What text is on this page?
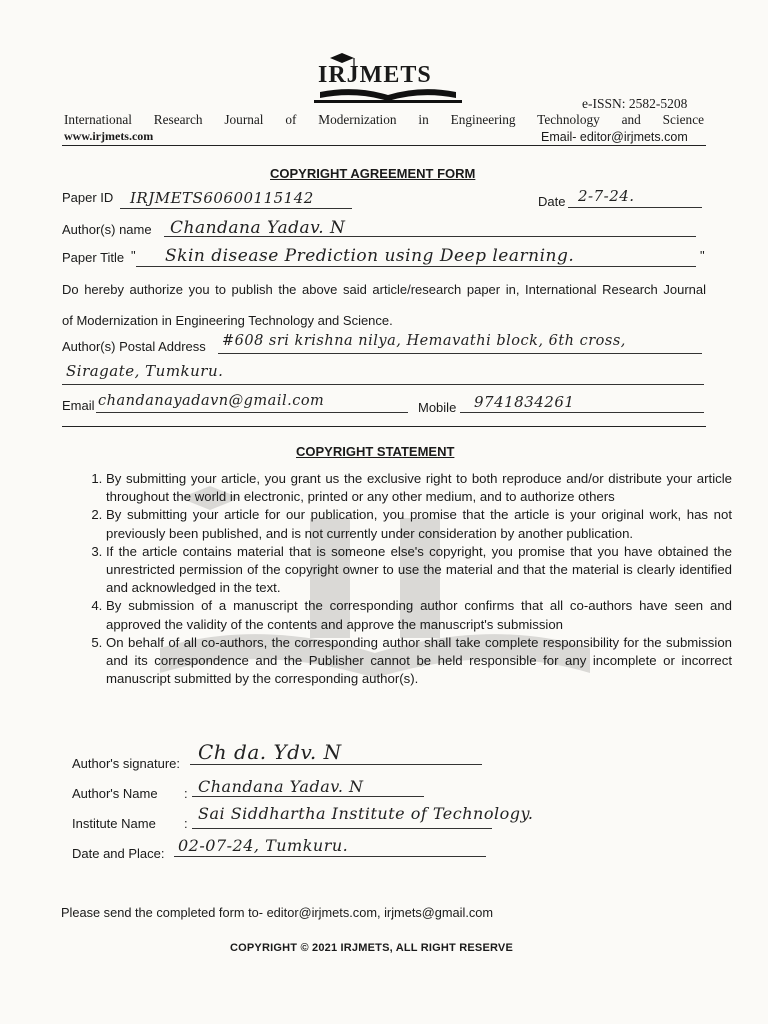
IRJMETS
e-ISSN: 2582-5208
International Research Journal of Modernization in Engineering Technology and Science
www.irjmets.com	Email- editor@irjmets.com
COPYRIGHT AGREEMENT FORM
Paper ID IRJMETS60600115142	Date 2-7-24.
Author(s) name Chandana Yadav. N
Paper Title " Skin disease Prediction using Deep learning.	"
Do hereby authorize you to publish the above said article/research paper in, International Research Journal
of Modernization in Engineering Technology and Science.
Author(s) Postal Address #608 sri krishna nilya, Hemavathi block, 6th cross,
Siragate, Tumkuru.
Email chandanayadavn@gmail.com	Mobile 9741834261
COPYRIGHT STATEMENT
1. By submitting your article, you grant us the exclusive right to both reproduce and/or distribute your article throughout the world in electronic, printed or any other medium, and to authorize others
2. By submitting your article for our publication, you promise that the article is your original work, has not previously been published, and is not currently under consideration by another publication.
3. If the article contains material that is someone else's copyright, you promise that you have obtained the unrestricted permission of the copyright owner to use the material and that the material is clearly identified and acknowledged in the text.
4. By submission of a manuscript the corresponding author confirms that all co-authors have seen and approved the validity of the contents and approve the manuscript's submission
5. On behalf of all co-authors, the corresponding author shall take complete responsibility for the submission and its correspondence and the Publisher cannot be held responsible for any incomplete or incorrect manuscript submitted by the corresponding author(s).
Author's signature: Ch da. Ydv. N
Author's Name : Chandana Yadav. N
Institute Name :
Sai Siddhartha Institute of Technology.
Date and Place: 02-07-24, Tumkuru.
Please send the completed form to- editor@irjmets.com, irjmets@gmail.com
COPYRIGHT © 2021 IRJMETS, ALL RIGHT RESERVE
